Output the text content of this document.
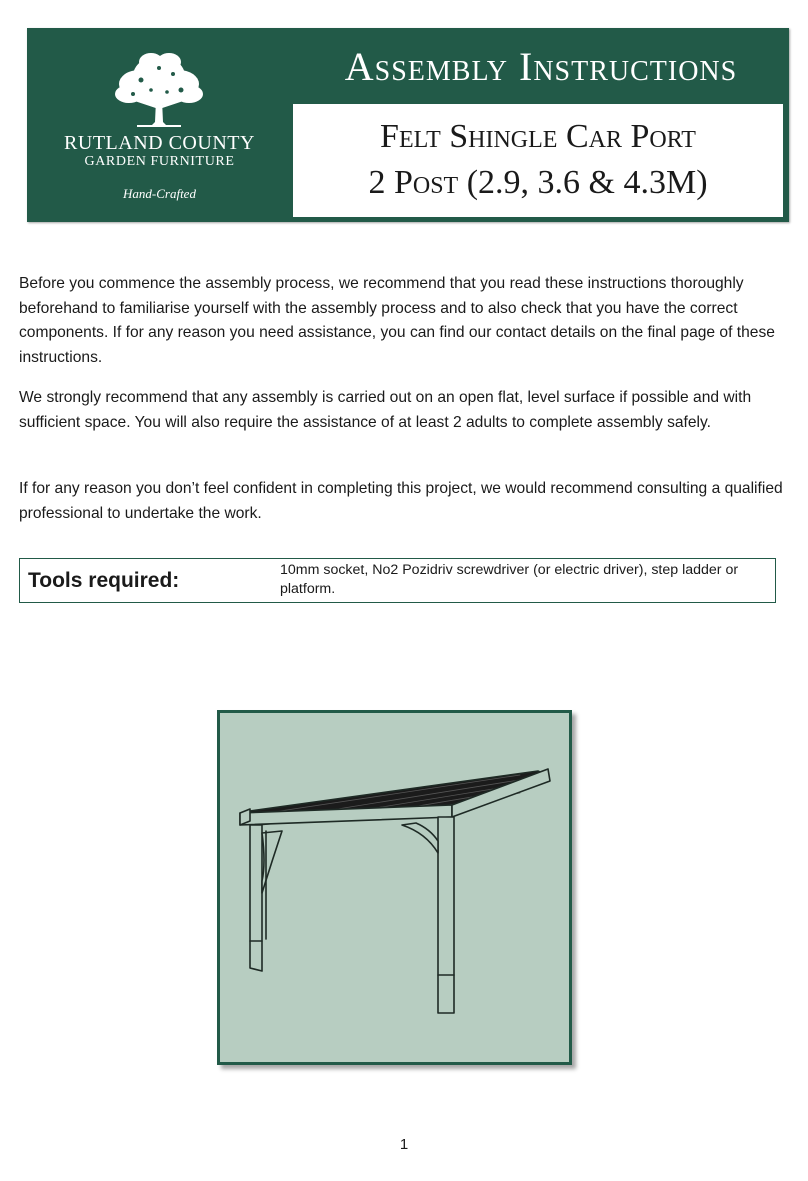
RUTLAND COUNTY
GARDEN FURNITURE
Hand-Crafted
Assembly Instructions
Felt Shingle Car Port
2 Post (2.9, 3.6 & 4.3M)

Before you commence the assembly process, we recommend that you read these instructions thoroughly beforehand to familiarise yourself with the assembly process and to also check that you have the correct components. If for any reason you need assistance, you can find our contact details on the final page of these instructions.

We strongly recommend that any assembly is carried out on an open flat, level surface if possible and with sufficient space. You will also require the assistance of at least 2 adults to complete assembly safely.

If for any reason you don’t feel confident in completing this project, we would recommend consulting a qualified professional to undertake the work.

Tools required:	10mm socket, No2 Pozidriv screwdriver (or electric driver), step ladder or platform.
1
